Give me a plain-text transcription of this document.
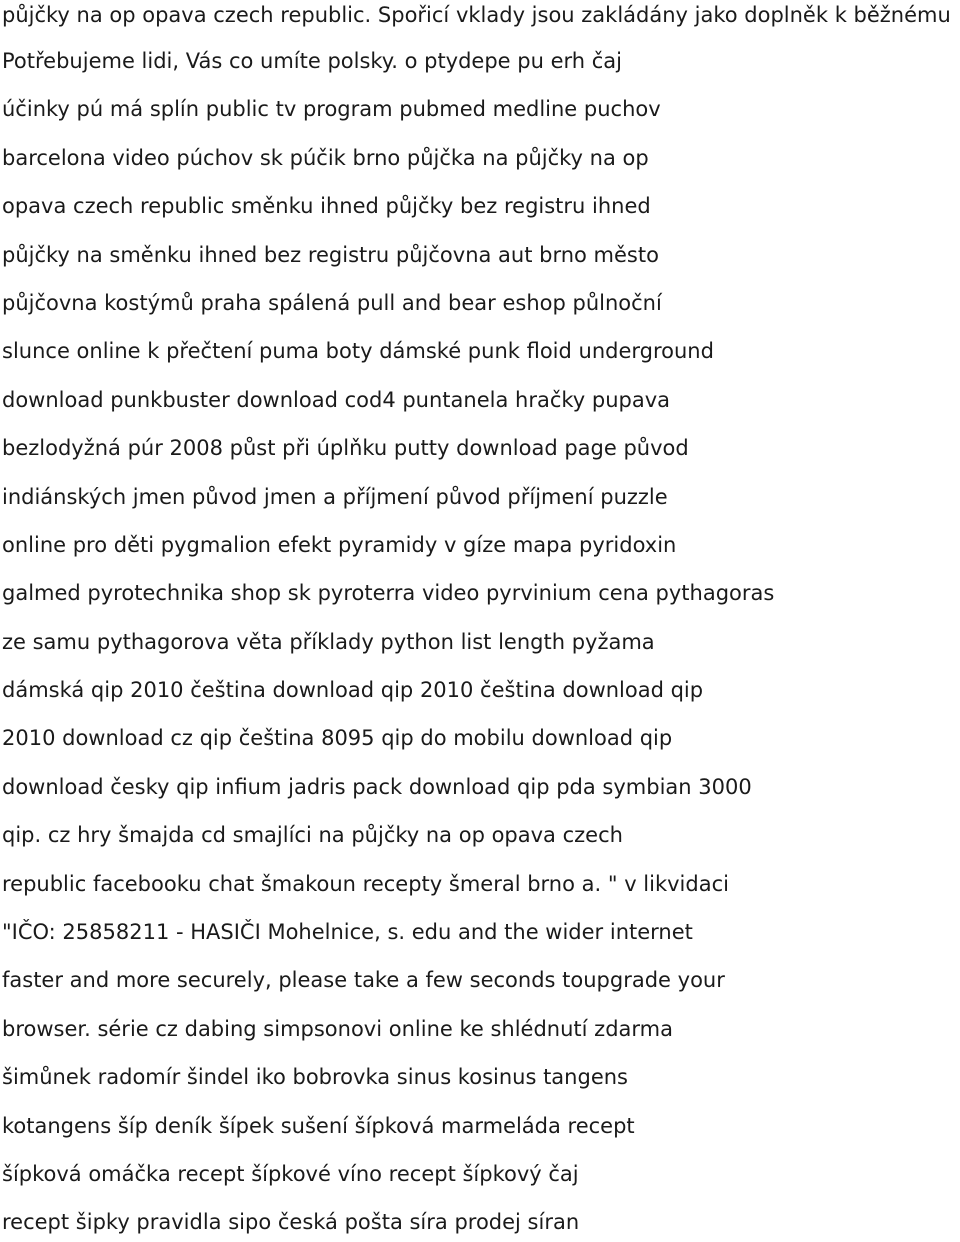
půjčky na op opava czech republic. Spořicí vklady jsou zakládány jako doplněk k běžnému
Potřebujeme lidi, Vás co umíte polsky. o ptydepe pu erh čaj
účinky pú má splín public tv program pubmed medline puchov
barcelona video púchov sk púčik brno půjčka na půjčky na op
opava czech republic směnku ihned půjčky bez registru ihned
půjčky na směnku ihned bez registru půjčovna aut brno město
půjčovna kostýmů praha spálená pull and bear eshop půlnoční
slunce online k přečtení puma boty dámské punk floid underground
download punkbuster download cod4 puntanela hračky pupava
bezlodyžná púr 2008 půst při úplňku putty download page původ
indiánských jmen původ jmen a příjmení původ příjmení puzzle
online pro děti pygmalion efekt pyramidy v gíze mapa pyridoxin
galmed pyrotechnika shop sk pyroterra video pyrvinium cena pythagoras
ze samu pythagorova věta příklady python list length pyžama
dámská qip 2010 čeština download qip 2010 čeština download qip
2010 download cz qip čeština 8095 qip do mobilu download qip
download česky qip infium jadris pack download qip pda symbian 3000
qip. cz hry šmajda cd smajlíci na půjčky na op opava czech
republic facebooku chat šmakoun recepty šmeral brno a. " v likvidaci
"IČO: 25858211 - HASIČI Mohelnice, s. edu and the wider internet
faster and more securely, please take a few seconds toupgrade your
browser. série cz dabing simpsonovi online ke shlédnutí zdarma
šimůnek radomír šindel iko bobrovka sinus kosinus tangens
kotangens šíp deník šípek sušení šípková marmeláda recept
šípková omáčka recept šípkové víno recept šípkový čaj
recept šipky pravidla sipo česká pošta síra prodej síran
